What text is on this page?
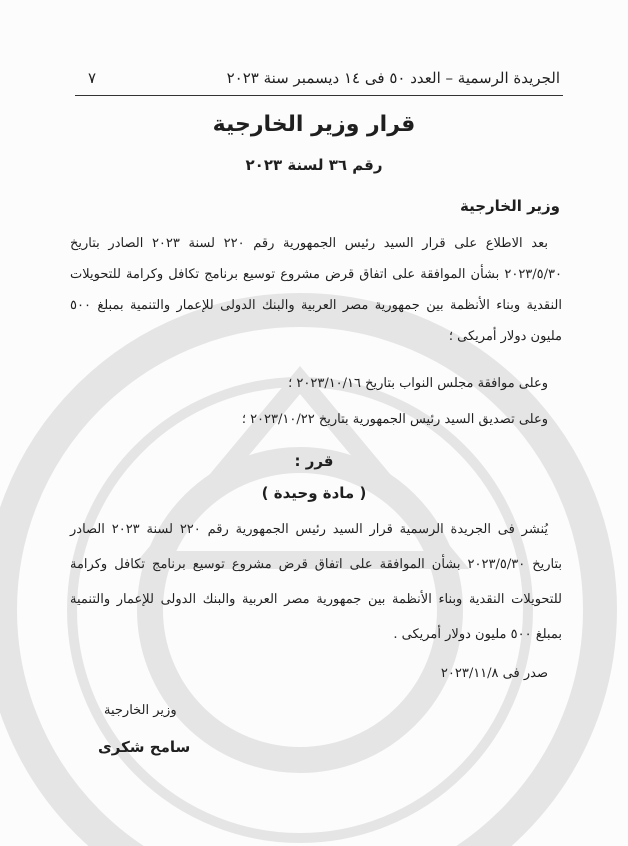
٧	الجريدة الرسمية – العدد ٥٠ فى ١٤ ديسمبر سنة ٢٠٢٣
قرار وزير الخارجية
رقم ٣٦ لسنة ٢٠٢٣
وزير الخارجية

بعد الاطلاع على قرار السيد رئيس الجمهورية رقم ٢٢٠ لسنة ٢٠٢٣ الصادر بتاريخ ٢٠٢٣/٥/٣٠ بشأن الموافقة على اتفاق قرض مشروع توسيع برنامج تكافل وكرامة للتحويلات النقدية وبناء الأنظمة بين جمهورية مصر العربية والبنك الدولى للإعمار والتنمية بمبلغ ٥٠٠ مليون دولار أمريكى ؛

وعلى موافقة مجلس النواب بتاريخ ٢٠٢٣/١٠/١٦ ؛
وعلى تصديق السيد رئيس الجمهورية بتاريخ ٢٠٢٣/١٠/٢٢ ؛
قرر :
( مادة وحيدة )

يُنشر فى الجريدة الرسمية قرار السيد رئيس الجمهورية رقم ٢٢٠ لسنة ٢٠٢٣ الصادر بتاريخ ٢٠٢٣/٥/٣٠ بشأن الموافقة على اتفاق قرض مشروع توسيع برنامج تكافل وكرامة للتحويلات النقدية وبناء الأنظمة بين جمهورية مصر العربية والبنك الدولى للإعمار والتنمية بمبلغ ٥٠٠ مليون دولار أمريكى .

صدر فى ٢٠٢٣/١١/٨
وزير الخارجية
سامح شكرى
